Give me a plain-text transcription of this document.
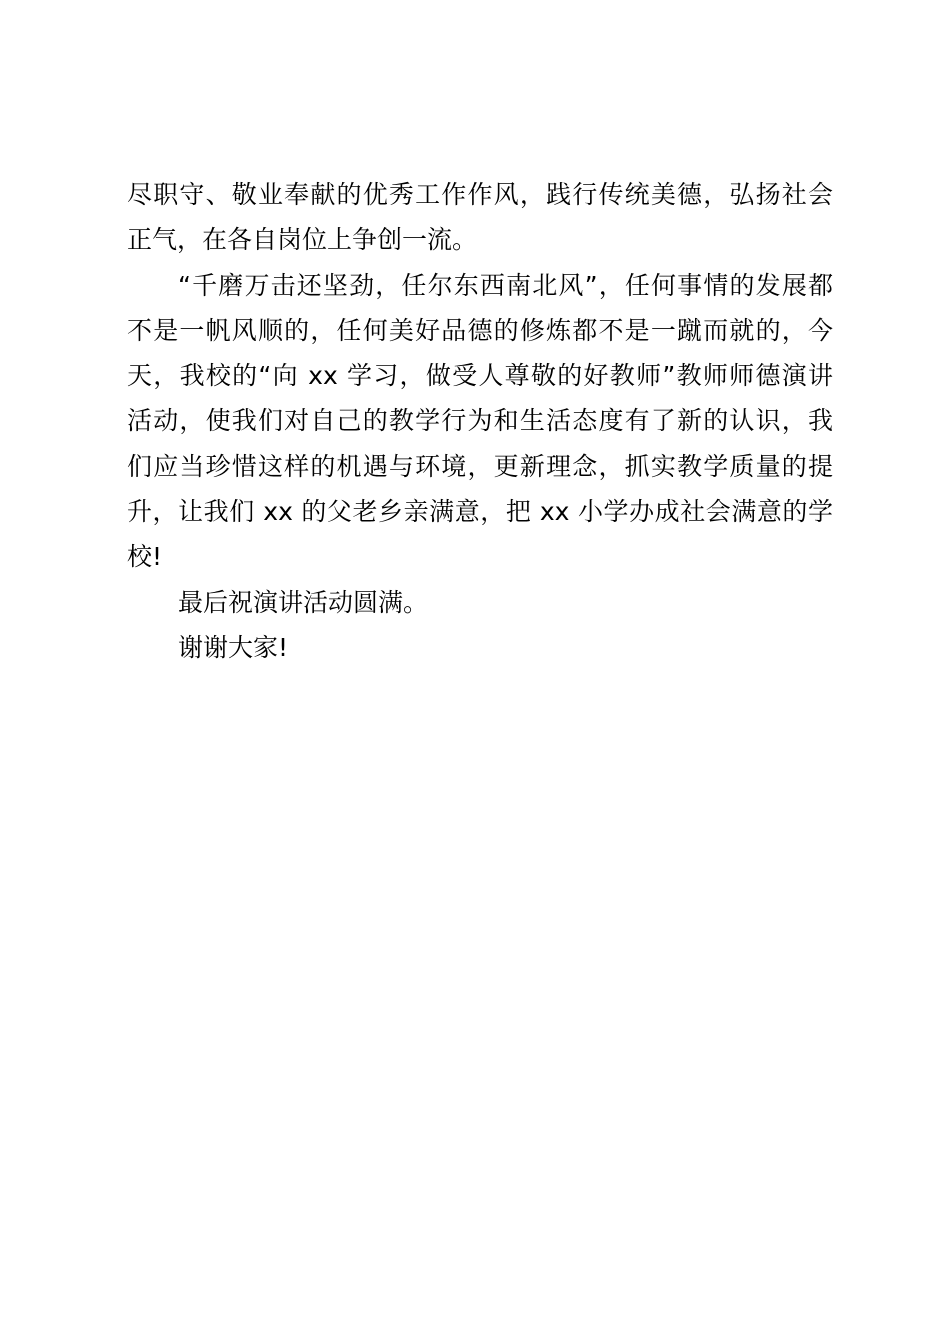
尽职守、敬业奉献的优秀工作作风，践行传统美德，弘扬社会
正气，在各自岗位上争创一流。
“千磨万击还坚劲，任尔东西南北风”，任何事情的发展都
不是一帆风顺的，任何美好品德的修炼都不是一蹴而就的，今
天，我校的“向 xx 学习，做受人尊敬的好教师”教师师德演讲
活动，使我们对自己的教学行为和生活态度有了新的认识，我
们应当珍惜这样的机遇与环境，更新理念，抓实教学质量的提
升，让我们 xx 的父老乡亲满意，把 xx 小学办成社会满意的学
校!
最后祝演讲活动圆满。
谢谢大家!
